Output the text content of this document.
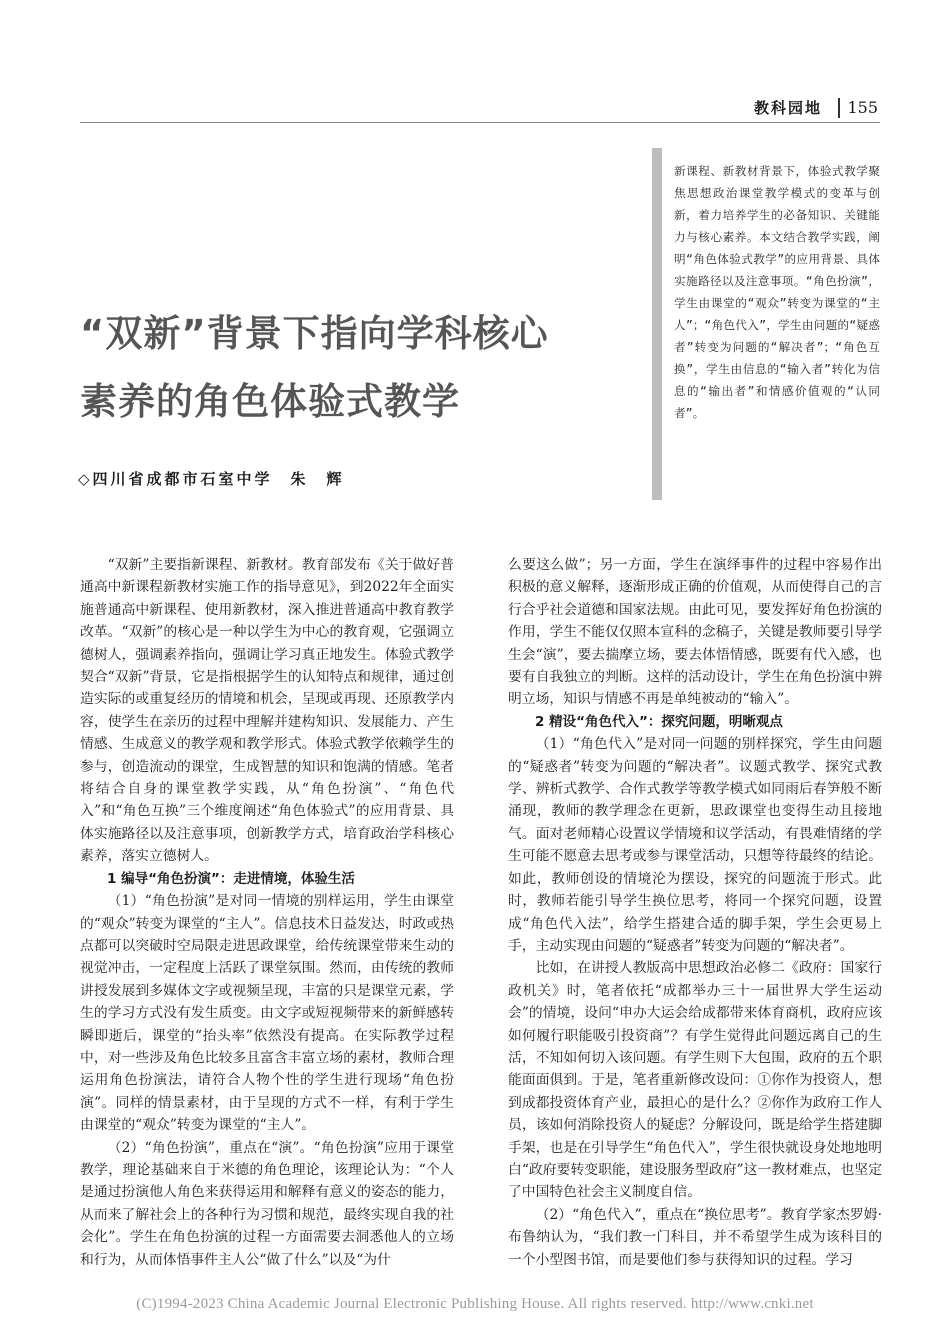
教科园地 155
“双新”背景下指向学科核心
素养的角色体验式教学
◇四川省成都市石室中学　朱　辉
新课程、新教材背景下，体验式教学聚焦思想政治课堂教学模式的变革与创新，着力培养学生的必备知识、关键能力与核心素养。本文结合教学实践，阐明“角色体验式教学”的应用背景、具体实施路径以及注意事项。“角色扮演”，学生由课堂的“观众”转变为课堂的“主人”；“角色代入”，学生由问题的“疑惑者”转变为问题的“解决者”；“角色互换”，学生由信息的“输入者”转化为信息的“输出者”和情感价值观的“认同者”。

“双新”主要指新课程、新教材。教育部发布《关于做好普通高中新课程新教材实施工作的指导意见》，到2022年全面实施普通高中新课程、使用新教材，深入推进普通高中教育教学改革。“双新”的核心是一种以学生为中心的教育观，它强调立德树人，强调素养指向，强调让学习真正地发生。体验式教学契合“双新”背景，它是指根据学生的认知特点和规律，通过创造实际的或重复经历的情境和机会，呈现或再现、还原教学内容，使学生在亲历的过程中理解并建构知识、发展能力、产生情感、生成意义的教学观和教学形式。体验式教学依赖学生的参与，创造流动的课堂，生成智慧的知识和饱满的情感。笔者将结合自身的课堂教学实践，从“角色扮演”、“角色代入”和“角色互换”三个维度阐述“角色体验式”的应用背景、具体实施路径以及注意事项，创新教学方式，培育政治学科核心素养，落实立德树人。

1 编导“角色扮演”：走进情境，体验生活

（1）“角色扮演”是对同一情境的别样运用，学生由课堂的“观众”转变为课堂的“主人”。信息技术日益发达，时政或热点都可以突破时空局限走进思政课堂，给传统课堂带来生动的视觉冲击，一定程度上活跃了课堂氛围。然而，由传统的教师讲授发展到多媒体文字或视频呈现，丰富的只是课堂元素，学生的学习方式没有发生质变。由文字或短视频带来的新鲜感转瞬即逝后，课堂的“抬头率”依然没有提高。在实际教学过程中，对一些涉及角色比较多且富含丰富立场的素材，教师合理运用角色扮演法，请符合人物个性的学生进行现场“角色扮演”。同样的情景素材，由于呈现的方式不一样，有利于学生由课堂的“观众”转变为课堂的“主人”。

（2）“角色扮演”，重点在“演”。“角色扮演”应用于课堂教学，理论基础来自于米德的角色理论，该理论认为：“个人是通过扮演他人角色来获得运用和解释有意义的姿态的能力，从而来了解社会上的各种行为习惯和规范，最终实现自我的社会化”。学生在角色扮演的过程一方面需要去洞悉他人的立场和行为，从而体悟事件主人公“做了什么”以及“为什

么要这么做”；另一方面，学生在演绎事件的过程中容易作出积极的意义解释，逐渐形成正确的价值观，从而使得自己的言行合乎社会道德和国家法规。由此可见，要发挥好角色扮演的作用，学生不能仅仅照本宣科的念稿子，关键是教师要引导学生会“演”，要去揣摩立场，要去体悟情感，既要有代入感，也要有自我独立的判断。这样的活动设计，学生在角色扮演中辨明立场，知识与情感不再是单纯被动的“输入”。

2 精设“角色代入”：探究问题，明晰观点

（1）“角色代入”是对同一问题的别样探究，学生由问题的“疑惑者”转变为问题的“解决者”。议题式教学、探究式教学、辨析式教学、合作式教学等教学模式如同雨后春笋般不断涌现，教师的教学理念在更新，思政课堂也变得生动且接地气。面对老师精心设置议学情境和议学活动，有畏难情绪的学生可能不愿意去思考或参与课堂活动，只想等待最终的结论。如此，教师创设的情境沦为摆设，探究的问题流于形式。此时，教师若能引导学生换位思考，将同一个探究问题，设置成“角色代入法”，给学生搭建合适的脚手架，学生会更易上手，主动实现由问题的“疑惑者”转变为问题的“解决者”。

比如，在讲授人教版高中思想政治必修二《政府：国家行政机关》时，笔者依托“成都举办三十一届世界大学生运动会”的情境，设问“申办大运会给成都带来体育商机，政府应该如何履行职能吸引投资商”？有学生觉得此问题远离自己的生活，不知如何切入该问题。有学生则下大包围，政府的五个职能面面俱到。于是，笔者重新修改设问：①你作为投资人，想到成都投资体育产业，最担心的是什么？②你作为政府工作人员，该如何消除投资人的疑虑？分解设问，既是给学生搭建脚手架，也是在引导学生“角色代入”，学生很快就设身处地地明白“政府要转变职能，建设服务型政府”这一教材难点，也坚定了中国特色社会主义制度自信。

（2）“角色代入”，重点在“换位思考”。教育学家杰罗姆·布鲁纳认为，“我们教一门科目，并不希望学生成为该科目的一个小型图书馆，而是要他们参与获得知识的过程。学习

(C)1994-2023 China Academic Journal Electronic Publishing House. All rights reserved. http://www.cnki.net
